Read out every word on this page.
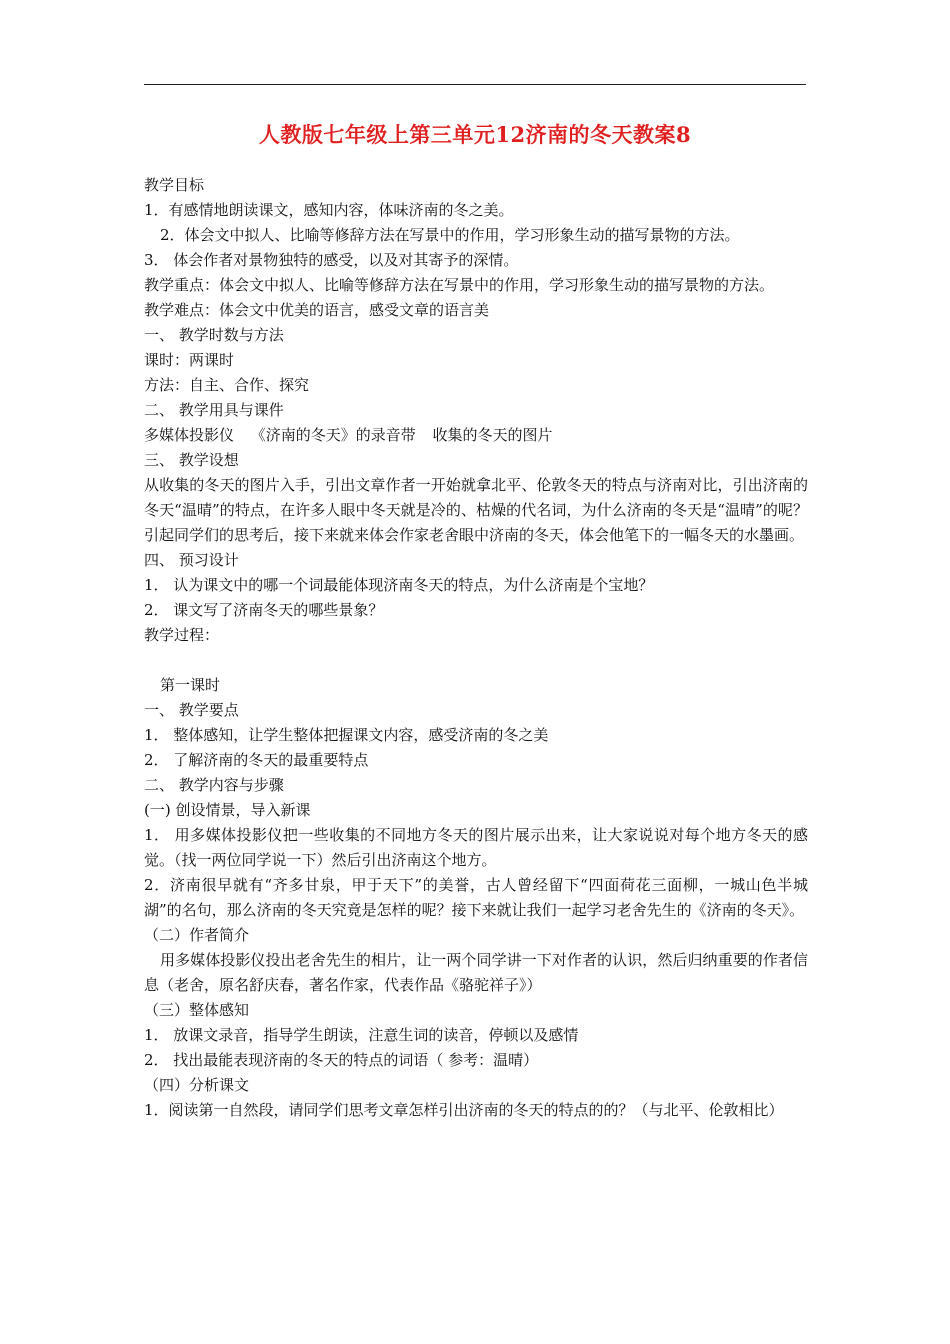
人教版七年级上第三单元12济南的冬天教案8

教学目标

1．有感情地朗读课文，感知内容，体味济南的冬之美。

2．体会文中拟人、比喻等修辞方法在写景中的作用，学习形象生动的描写景物的方法。

3． 体会作者对景物独特的感受，以及对其寄予的深情。

教学重点：体会文中拟人、比喻等修辞方法在写景中的作用，学习形象生动的描写景物的方法。

教学难点：体会文中优美的语言，感受文章的语言美

一、 教学时数与方法

课时：两课时

方法：自主、合作、探究

二、 教学用具与课件

多媒体投影仪 《济南的冬天》的录音带 收集的冬天的图片

三、 教学设想

从收集的冬天的图片入手，引出文章作者一开始就拿北平、伦敦冬天的特点与济南对比，引出济南的冬天“温晴”的特点，在许多人眼中冬天就是冷的、枯燥的代名词，为什么济南的冬天是“温晴”的呢？引起同学们的思考后，接下来就来体会作家老舍眼中济南的冬天，体会他笔下的一幅冬天的水墨画。

四、 预习设计

1． 认为课文中的哪一个词最能体现济南冬天的特点，为什么济南是个宝地？

2． 课文写了济南冬天的哪些景象？

教学过程：

第一课时

一、 教学要点

1． 整体感知，让学生整体把握课文内容，感受济南的冬之美

2． 了解济南的冬天的最重要特点

二、 教学内容与步骤

(一) 创设情景，导入新课

1． 用多媒体投影仪把一些收集的不同地方冬天的图片展示出来，让大家说说对每个地方冬天的感觉。（找一两位同学说一下）然后引出济南这个地方。

2．济南很早就有“齐多甘泉，甲于天下”的美誉，古人曾经留下“四面荷花三面柳，一城山色半城湖”的名句，那么济南的冬天究竟是怎样的呢？接下来就让我们一起学习老舍先生的《济南的冬天》。

（二）作者简介

用多媒体投影仪投出老舍先生的相片，让一两个同学讲一下对作者的认识，然后归纳重要的作者信息（老舍，原名舒庆春，著名作家，代表作品《骆驼祥子》）

（三）整体感知

1． 放课文录音，指导学生朗读，注意生词的读音，停顿以及感情

2． 找出最能表现济南的冬天的特点的词语（ 参考：温晴）

（四）分析课文

1．阅读第一自然段，请同学们思考文章怎样引出济南的冬天的特点的的？（与北平、伦敦相比）
